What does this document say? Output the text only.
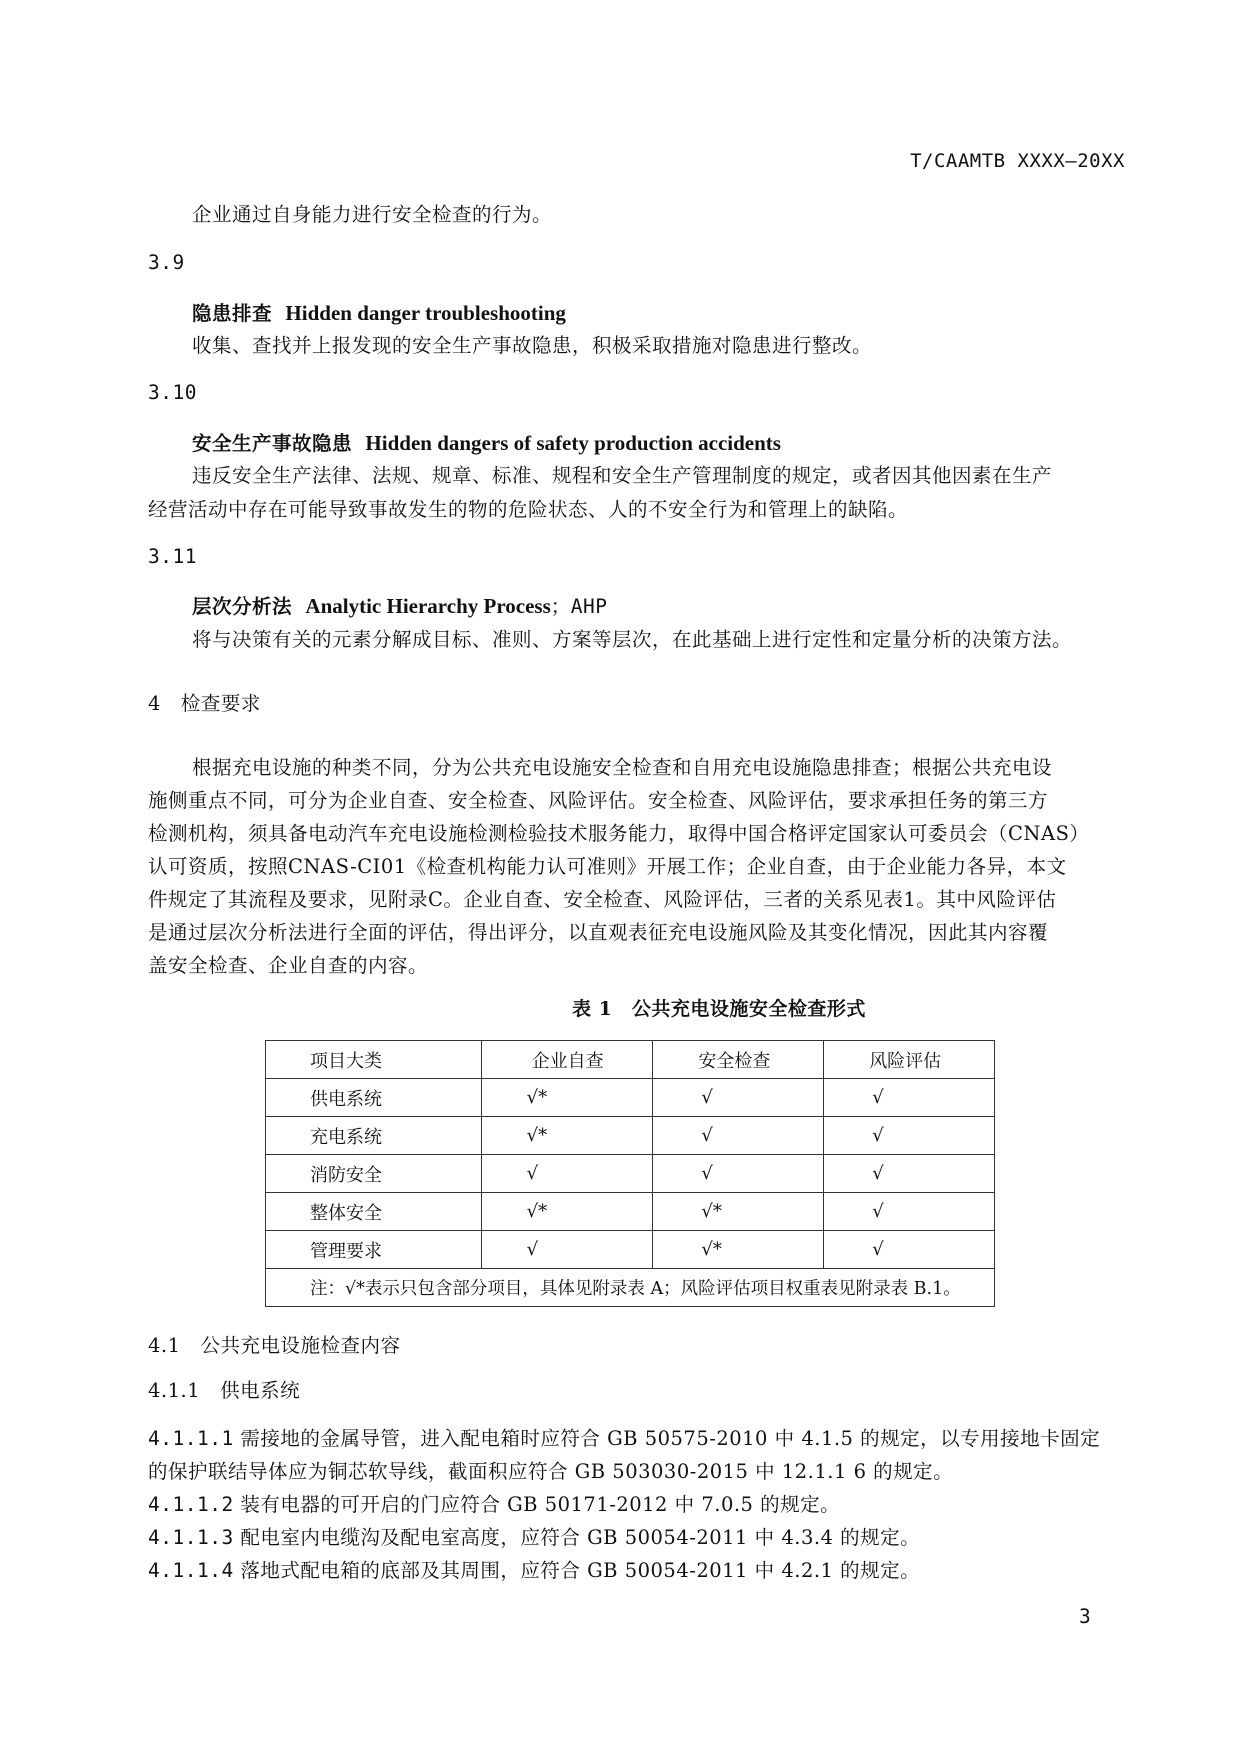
T/CAAMTB XXXX—20XX
企业通过自身能力进行安全检查的行为。
3.9
隐患排查 Hidden danger troubleshooting
收集、查找并上报发现的安全生产事故隐患，积极采取措施对隐患进行整改。
3.10
安全生产事故隐患 Hidden dangers of safety production accidents
违反安全生产法律、法规、规章、标准、规程和安全生产管理制度的规定，或者因其他因素在生产
经营活动中存在可能导致事故发生的物的危险状态、人的不安全行为和管理上的缺陷。
3.11
层次分析法 Analytic Hierarchy Process；AHP
将与决策有关的元素分解成目标、准则、方案等层次，在此基础上进行定性和定量分析的决策方法。
4　检查要求
根据充电设施的种类不同，分为公共充电设施安全检查和自用充电设施隐患排查；根据公共充电设
施侧重点不同，可分为企业自查、安全检查、风险评估。安全检查、风险评估，要求承担任务的第三方
检测机构，须具备电动汽车充电设施检测检验技术服务能力，取得中国合格评定国家认可委员会（CNAS）
认可资质，按照CNAS-CI01《检查机构能力认可准则》开展工作；企业自查，由于企业能力各异，本文
件规定了其流程及要求，见附录C。企业自查、安全检查、风险评估，三者的关系见表1。其中风险评估
是通过层次分析法进行全面的评估，得出评分，以直观表征充电设施风险及其变化情况，因此其内容覆
盖安全检查、企业自查的内容。
表 1　公共充电设施安全检查形式
项目大类	企业自查	安全检查	风险评估
供电系统	√*	√	√
充电系统	√*	√	√
消防安全	√	√	√
整体安全	√*	√*	√
管理要求	√	√*	√
注：√*表示只包含部分项目，具体见附录表 A；风险评估项目权重表见附录表 B.1。			
4.1　公共充电设施检查内容
4.1.1　供电系统
4.1.1.1 需接地的金属导管，进入配电箱时应符合 GB 50575-2010 中 4.1.5 的规定，以专用接地卡固定
的保护联结导体应为铜芯软导线，截面积应符合 GB 503030-2015 中 12.1.1 6 的规定。
4.1.1.2 装有电器的可开启的门应符合 GB 50171-2012 中 7.0.5 的规定。
4.1.1.3 配电室内电缆沟及配电室高度，应符合 GB 50054-2011 中 4.3.4 的规定。
4.1.1.4 落地式配电箱的底部及其周围，应符合 GB 50054-2011 中 4.2.1 的规定。
3
